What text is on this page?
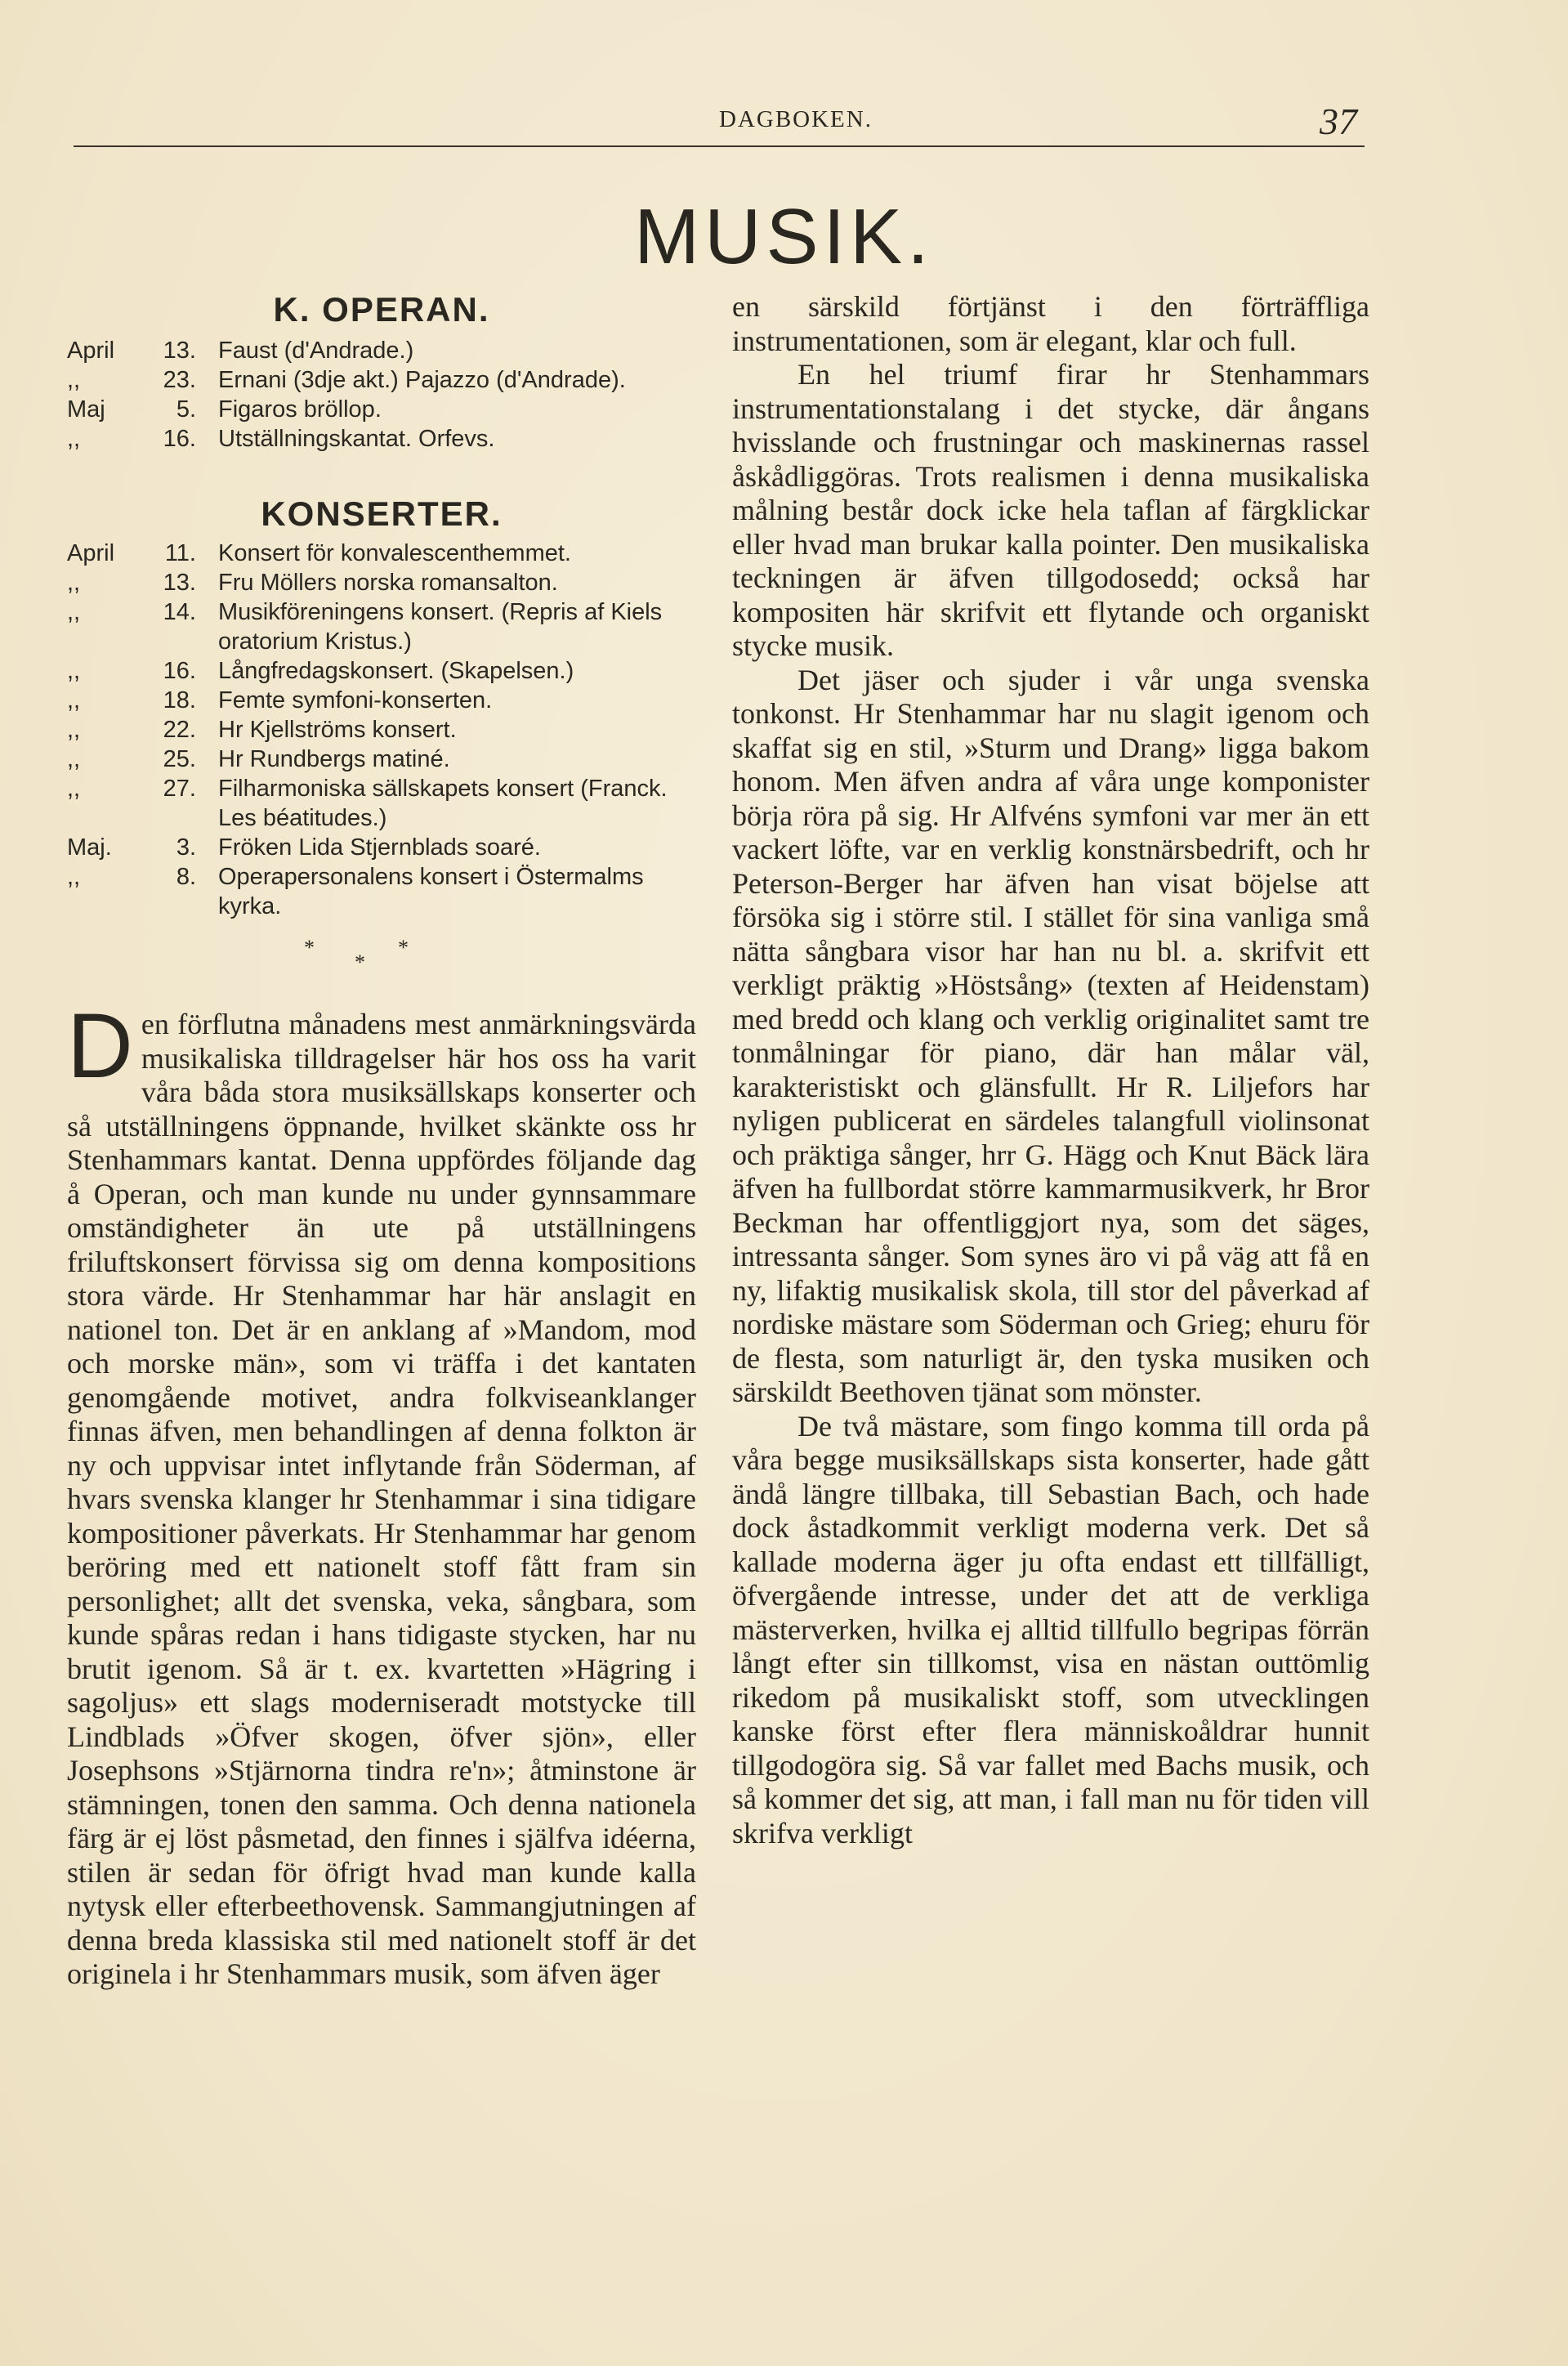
DAGBOKEN.	37
MUSIK.
K. OPERAN.
April	13. Faust (d'Andrade.)
,,	23. Ernani (3dje akt.) Pajazzo (d'Andrade).
Maj	5. Figaros bröllop.
,,	16. Utställningskantat. Orfevs.
KONSERTER.
April	11. Konsert för konvalescenthemmet.
,,	13. Fru Möllers norska romansalton.
,,	14. Musikföreningens konsert. (Repris af Kiels oratorium Kristus.)
,,	16. Långfredagskonsert. (Skapelsen.)
,,	18. Femte symfoni-konserten.
,,	22. Hr Kjellströms konsert.
,,	25. Hr Rundbergs matiné.
,,	27. Filharmoniska sällskapets konsert (Franck. Les béatitudes.)
Maj.	3. Fröken Lida Stjernblads soaré.
,,	8. Operapersonalens konsert i Östermalms kyrka.
*
*
*

Den förflutna månadens mest anmärkningsvärda musikaliska tilldragelser här hos oss ha varit våra båda stora musiksällskaps konserter och så utställningens öppnande, hvilket skänkte oss hr Stenhammars kantat. Denna uppfördes följande dag å Operan, och man kunde nu under gynnsammare omständigheter än ute på utställningens friluftskonsert förvissa sig om denna kompositions stora värde. Hr Stenhammar har här anslagit en nationel ton. Det är en anklang af »Mandom, mod och morske män», som vi träffa i det kantaten genomgående motivet, andra folkviseanklanger finnas äfven, men behandlingen af denna folkton är ny och uppvisar intet inflytande från Söderman, af hvars svenska klanger hr Stenhammar i sina tidigare kompositioner påverkats. Hr Stenhammar har genom beröring med ett nationelt stoff fått fram sin personlighet; allt det svenska, veka, sångbara, som kunde spåras redan i hans tidigaste stycken, har nu brutit igenom. Så är t. ex. kvartetten »Hägring i sagoljus» ett slags moderniseradt motstycke till Lindblads »Öfver skogen, öfver sjön», eller Josephsons »Stjärnorna tindra re'n»; åtminstone är stämningen, tonen den samma. Och denna nationela färg är ej löst påsmetad, den finnes i själfva idéerna, stilen är sedan för öfrigt hvad man kunde kalla nytysk eller efterbeethovensk. Sammangjutningen af denna breda klassiska stil med nationelt stoff är det originela i hr Stenhammars musik, som äfven äger

en särskild förtjänst i den förträffliga instrumentationen, som är elegant, klar och full.

En hel triumf firar hr Stenhammars instrumentationstalang i det stycke, där ångans hvisslande och frustningar och maskinernas rassel åskådliggöras. Trots realismen i denna musikaliska målning består dock icke hela taflan af färgklickar eller hvad man brukar kalla pointer. Den musikaliska teckningen är äfven tillgodosedd; också har kompositen här skrifvit ett flytande och organiskt stycke musik.

Det jäser och sjuder i vår unga svenska tonkonst. Hr Stenhammar har nu slagit igenom och skaffat sig en stil, »Sturm und Drang» ligga bakom honom. Men äfven andra af våra unge komponister börja röra på sig. Hr Alfvéns symfoni var mer än ett vackert löfte, var en verklig konstnärsbedrift, och hr Peterson-Berger har äfven han visat böjelse att försöka sig i större stil. I stället för sina vanliga små nätta sångbara visor har han nu bl. a. skrifvit ett verkligt präktig »Höstsång» (texten af Heidenstam) med bredd och klang och verklig originalitet samt tre tonmålningar för piano, där han målar väl, karakteristiskt och glänsfullt. Hr R. Liljefors har nyligen publicerat en särdeles talangfull violinsonat och präktiga sånger, hrr G. Hägg och Knut Bäck lära äfven ha fullbordat större kammarmusikverk, hr Bror Beckman har offentliggjort nya, som det säges, intressanta sånger. Som synes äro vi på väg att få en ny, lifaktig musikalisk skola, till stor del påverkad af nordiske mästare som Söderman och Grieg; ehuru för de flesta, som naturligt är, den tyska musiken och särskildt Beethoven tjänat som mönster.

De två mästare, som fingo komma till orda på våra begge musiksällskaps sista konserter, hade gått ändå längre tillbaka, till Sebastian Bach, och hade dock åstadkommit verkligt moderna verk. Det så kallade moderna äger ju ofta endast ett tillfälligt, öfvergående intresse, under det att de verkliga mästerverken, hvilka ej alltid tillfullo begripas förrän långt efter sin tillkomst, visa en nästan outtömlig rikedom på musikaliskt stoff, som utvecklingen kanske först efter flera människoåldrar hunnit tillgodogöra sig. Så var fallet med Bachs musik, och så kommer det sig, att man, i fall man nu för tiden vill skrifva verkligt
